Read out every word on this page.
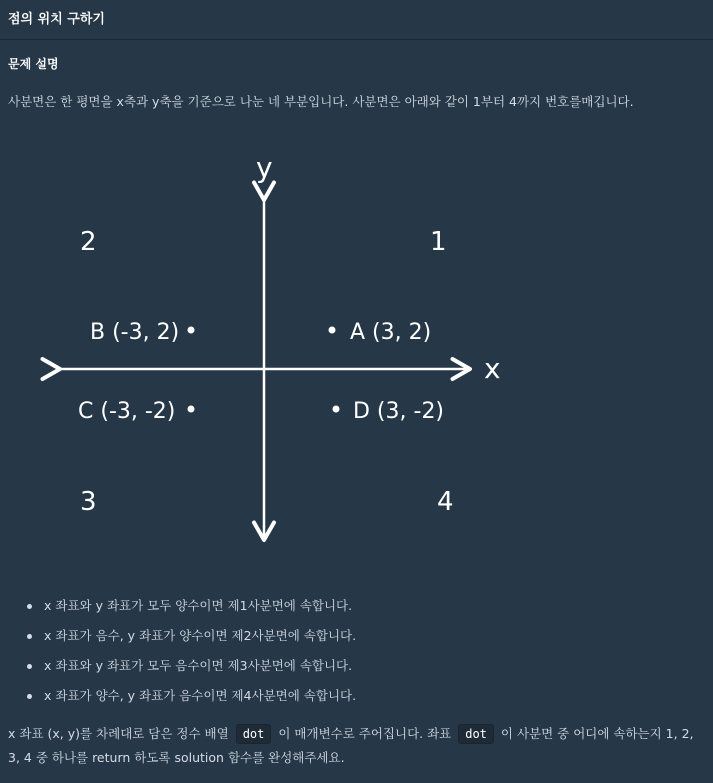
점의 위치 구하기
문제 설명
사분면은 한 평면을 x축과 y축을 기준으로 나눈 네 부분입니다. 사분면은 아래와 같이 1부터 4까지 번호를매깁니다.
y
x
1
2
3	4
B (-3, 2)	A (3, 2)
C (-3, -2)	D (3, -2)
x 좌표와 y 좌표가 모두 양수이면 제1사분면에 속합니다.
x 좌표가 음수, y 좌표가 양수이면 제2사분면에 속합니다.
x 좌표와 y 좌표가 모두 음수이면 제3사분면에 속합니다.
x 좌표가 양수, y 좌표가 음수이면 제4사분면에 속합니다.
x 좌표 (x, y)를 차례대로 담은 정수 배열 dot 이 매개변수로 주어집니다. 좌표 dot 이 사분면 중 어디에 속하는지 1, 2, 3, 4 중 하나를 return 하도록 solution 함수를 완성해주세요.
